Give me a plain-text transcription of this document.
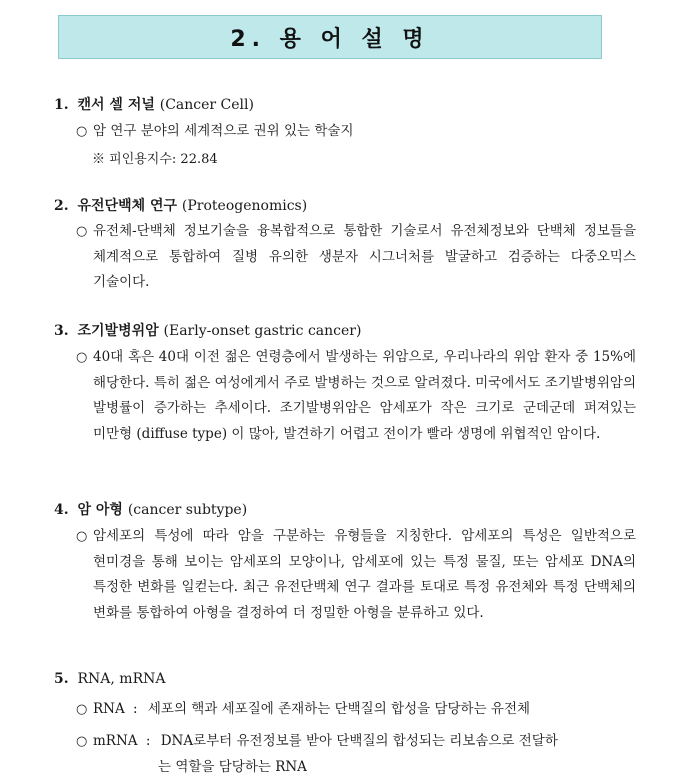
2. 용 어 설 명
1. 캔서 셀 저널 (Cancer Cell)
○ 암 연구 분야의 세계적으로 권위 있는 학술지
※ 피인용지수: 22.84
2. 유전단백체 연구 (Proteogenomics)
○ 유전체-단백체 정보기술을 융복합적으로 통합한 기술로서 유전체정보와 단백체 정보들을 체계적으로 통합하여 질병 유의한 생분자 시그너처를 발굴하고 검증하는 다중오믹스 기술이다.
3. 조기발병위암 (Early-onset gastric cancer)
○ 40대 혹은 40대 이전 젊은 연령층에서 발생하는 위암으로, 우리나라의 위암 환자 중 15%에 해당한다. 특히 젊은 여성에게서 주로 발병하는 것으로 알려졌다. 미국에서도 조기발병위암의 발병률이 증가하는 추세이다. 조기발병위암은 암세포가 작은 크기로 군데군데 퍼져있는 미만형 (diffuse type) 이 많아, 발견하기 어렵고 전이가 빨라 생명에 위협적인 암이다.
4. 암 아형 (cancer subtype)
○ 암세포의 특성에 따라 암을 구분하는 유형들을 지칭한다. 암세포의 특성은 일반적으로 현미경을 통해 보이는 암세포의 모양이나, 암세포에 있는 특정 물질, 또는 암세포 DNA의 특정한 변화를 일컫는다. 최근 유전단백체 연구 결과를 토대로 특정 유전체와 특정 단백체의 변화를 통합하여 아형을 결정하여 더 정밀한 아형을 분류하고 있다.
5. RNA, mRNA
○ RNA : 세포의 핵과 세포질에 존재하는 단백질의 합성을 담당하는 유전체
○ mRNA : DNA로부터 유전정보를 받아 단백질의 합성되는 리보솜으로 전달하
는 역할을 담당하는 RNA
